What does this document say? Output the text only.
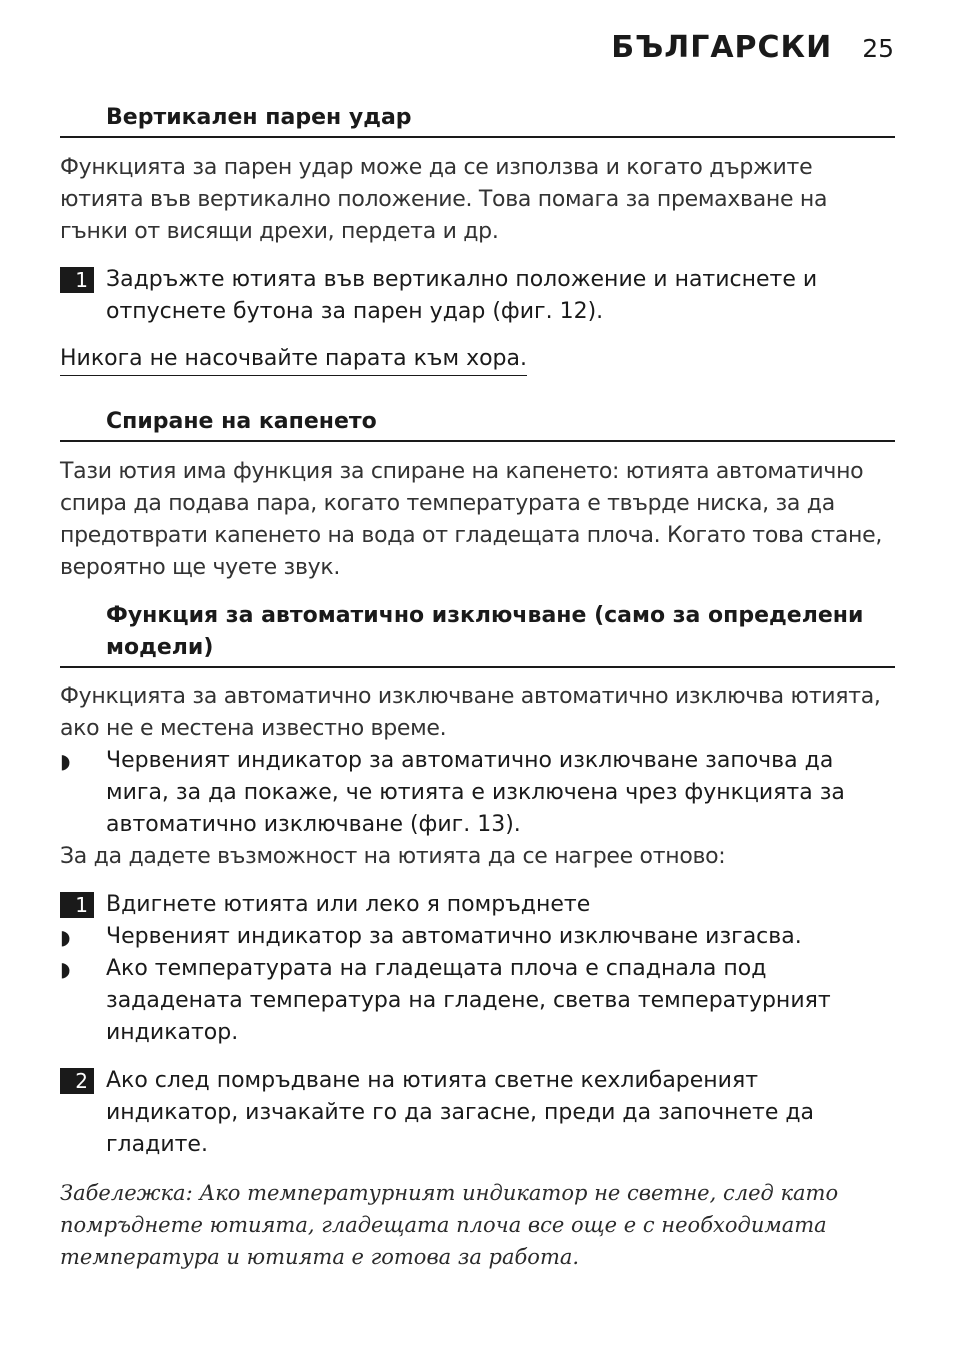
БЪЛГАРСКИ 25
Вертикален парен удар
Функцията за парен удар може да се използва и когато държите ютията във вертикално положение. Това помага за премахване на гънки от висящи дрехи, пердета и др.
1 Задръжте ютията във вертикално положение и натиснете и отпуснете бутона за парен удар (фиг. 12).
Никога не насочвайте парата към хора.
Спиране на капенето
Тази ютия има функция за спиране на капенето: ютията автоматично спира да подава пара, когато температурата е твърде ниска, за да предотврати капенето на вода от гладещата плоча. Когато това стане, вероятно ще чуете звук.
Функция за автоматично изключване (само за определени модели)
Функцията за автоматично изключване автоматично изключва ютията, ако не е местена известно време.
◗ Червеният индикатор за автоматично изключване започва да мига, за да покаже, че ютията е изключена чрез функцията за автоматично изключване (фиг. 13).
За да дадете възможност на ютията да се нагрее отново:
1 Вдигнете ютията или леко я помръднете
◗ Червеният индикатор за автоматично изключване изгасва.
◗ Ако температурата на гладещата плоча е спаднала под зададената температура на гладене, светва температурният индикатор.
2 Ако след помръдване на ютията светне кехлибареният индикатор, изчакайте го да загасне, преди да започнете да гладите.
Забележка: Ако температурният индикатор не светне, след като помръднете ютията, гладещата плоча все още е с необходимата температура и ютията е готова за работа.
